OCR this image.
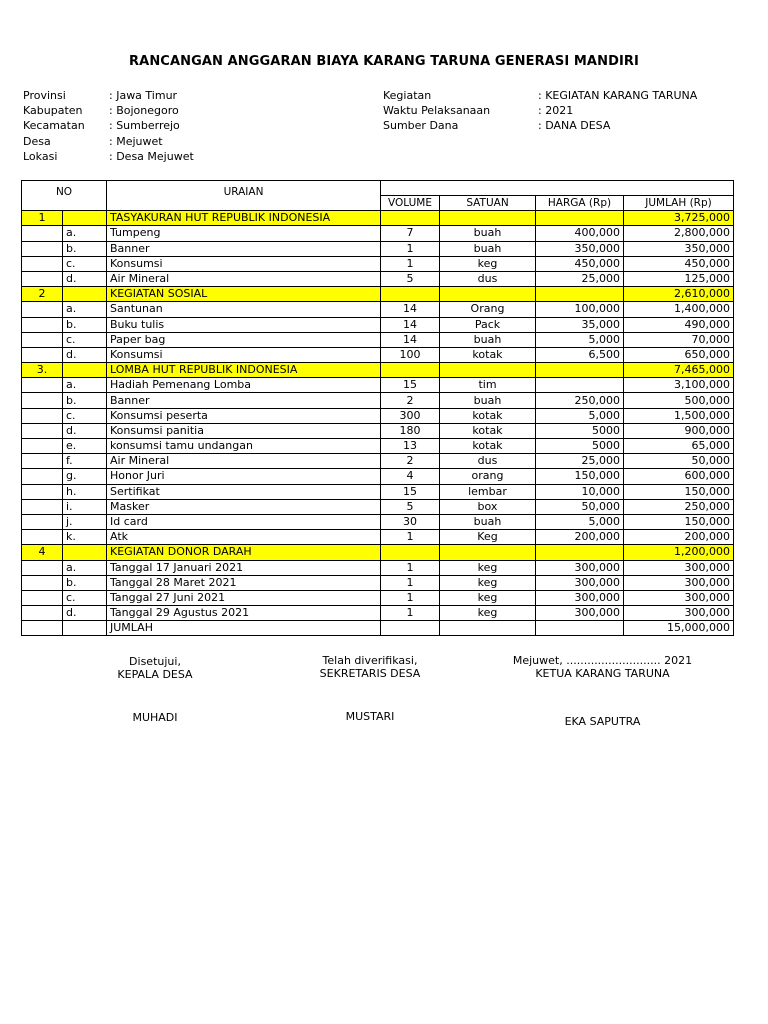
RANCANGAN ANGGARAN BIAYA KARANG TARUNA GENERASI MANDIRI
Provinsi	: Jawa Timur
Kabupaten : Bojonegoro
Kecamatan : Sumberrejo
Desa	: Mejuwet
Lokasi	: Desa Mejuwet
Kegiatan	: KEGIATAN KARANG TARUNA
Waktu Pelaksanaan	: 2021
Sumber Dana	: DANA DESA
NO		URAIAN				
			VOLUME	SATUAN	HARGA (Rp)	JUMLAH (Rp)
1		TASYAKURAN HUT REPUBLIK INDONESIA				3,725,000
	a.	Tumpeng	7	buah	400,000	2,800,000
	b.	Banner	1	buah	350,000	350,000
	c.	Konsumsi	1	keg	450,000	450,000
	d.	Air Mineral	5	dus	25,000	125,000
2		KEGIATAN SOSIAL				2,610,000
	a.	Santunan	14	Orang	100,000	1,400,000
	b.	Buku tulis	14	Pack	35,000	490,000
	c.	Paper bag	14	buah	5,000	70,000
	d.	Konsumsi	100	kotak	6,500	650,000
3.		LOMBA HUT REPUBLIK INDONESIA				7,465,000
	a.	Hadiah Pemenang Lomba	15	tim		3,100,000
	b.	Banner	2	buah	250,000	500,000
	c.	Konsumsi peserta	300	kotak	5,000	1,500,000
	d.	Konsumsi panitia	180	kotak	5000	900,000
	e.	konsumsi tamu undangan	13	kotak	5000	65,000
	f.	Air Mineral	2	dus	25,000	50,000
	g.	Honor Juri	4	orang	150,000	600,000
	h.	Sertifikat	15	lembar	10,000	150,000
	i.	Masker	5	box	50,000	250,000
	j.	Id card	30	buah	5,000	150,000
	k.	Atk	1	Keg	200,000	200,000
4		KEGIATAN DONOR DARAH				1,200,000
	a.	Tanggal 17 Januari 2021	1	keg	300,000	300,000
	b.	Tanggal 28 Maret 2021	1	keg	300,000	300,000
	c.	Tanggal 27 Juni 2021	1	keg	300,000	300,000
	d.	Tanggal 29 Agustus 2021	1	keg	300,000	300,000
		JUMLAH				15,000,000
Disetujui,
KEPALA DESA
MUHADI
Telah diverifikasi,
SEKRETARIS DESA
MUSTARI
Mejuwet, ........................... 2021
KETUA KARANG TARUNA
EKA SAPUTRA
